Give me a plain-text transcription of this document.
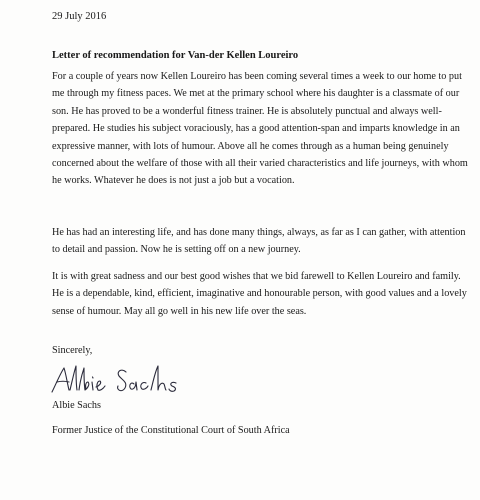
29 July 2016
Letter of recommendation for Van-der Kellen Loureiro

For a couple of years now Kellen Loureiro has been coming several times a week to our home to put me through my fitness paces. We met at the primary school where his daughter is a classmate of our son. He has proved to be a wonderful fitness trainer. He is absolutely punctual and always well-prepared. He studies his subject voraciously, has a good attention-span and imparts knowledge in an expressive manner, with lots of humour. Above all he comes through as a human being genuinely concerned about the welfare of those with all their varied characteristics and life journeys, with whom he works. Whatever he does is not just a job but a vocation.

He has had an interesting life, and has done many things, always, as far as I can gather, with attention to detail and passion. Now he is setting off on a new journey.

It is with great sadness and our best good wishes that we bid farewell to Kellen Loureiro and family. He is a dependable, kind, efficient, imaginative and honourable person, with good values and a lovely sense of humour. May all go well in his new life over the seas.

Sincerely,
Albie Sachs
Former Justice of the Constitutional Court of South Africa
